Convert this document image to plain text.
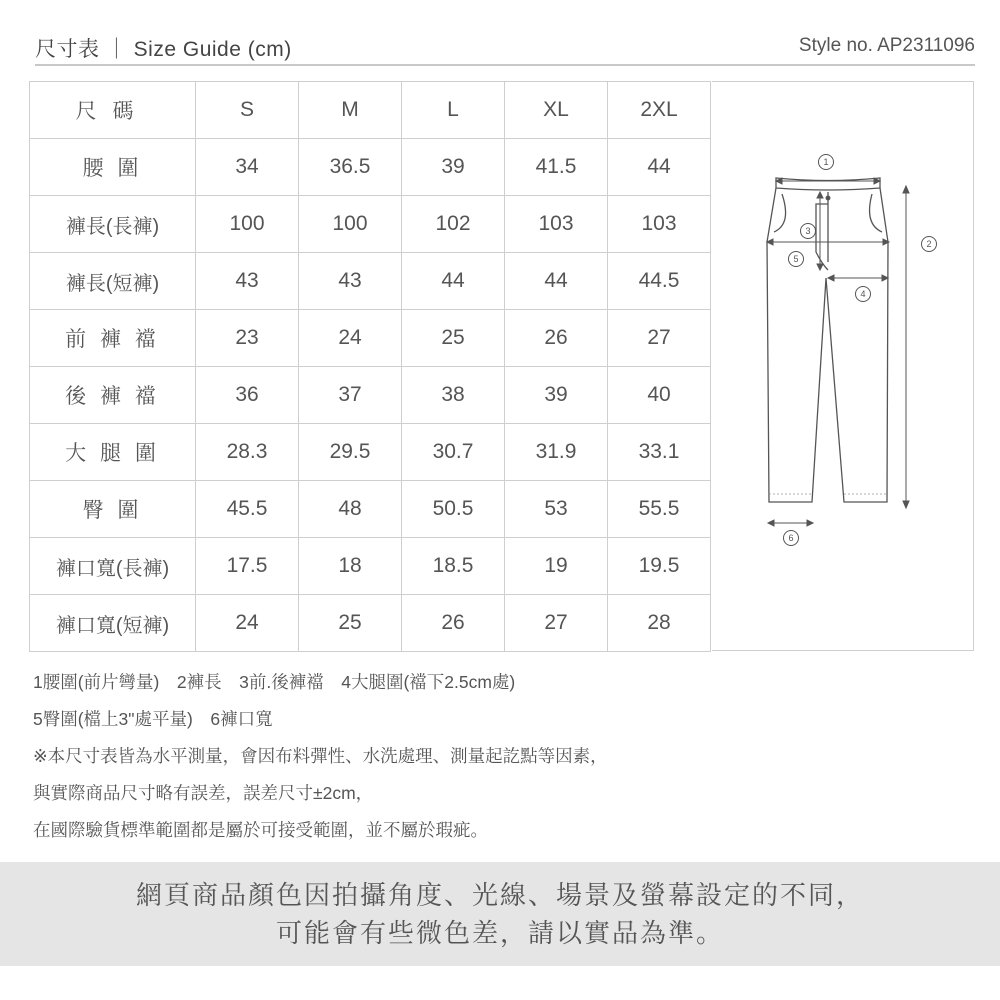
尺寸表 ｜ Size Guide (cm)	Style no. AP2311096
尺碼	S	M	L	XL	2XL
腰 圍	34	36.5	39	41.5	44
褲長(長褲)	100	100	102	103	103
褲長(短褲)	43	43	44	44	44.5
前 褲 襠	23	24	25	26	27
後 褲 襠	36	37	38	39	40
大 腿 圍	28.3	29.5	30.7	31.9	33.1
臀 圍	45.5	48	50.5	53	55.5
褲口寬(長褲)	17.5	18	18.5	19	19.5
褲口寬(短褲)	24	25	26	27	28
1
2
3
4
5
6
1腰圍(前片彎量)　2褲長　3前.後褲襠　4大腿圍(襠下2.5cm處)
5臀圍(檔上3"處平量)　6褲口寬
※本尺寸表皆為水平測量，會因布料彈性、水洗處理、測量起訖點等因素，
與實際商品尺寸略有誤差，誤差尺寸±2cm，
在國際驗貨標準範圍都是屬於可接受範圍，並不屬於瑕疵。
網頁商品顏色因拍攝角度、光線、場景及螢幕設定的不同，
可能會有些微色差，請以實品為準。
